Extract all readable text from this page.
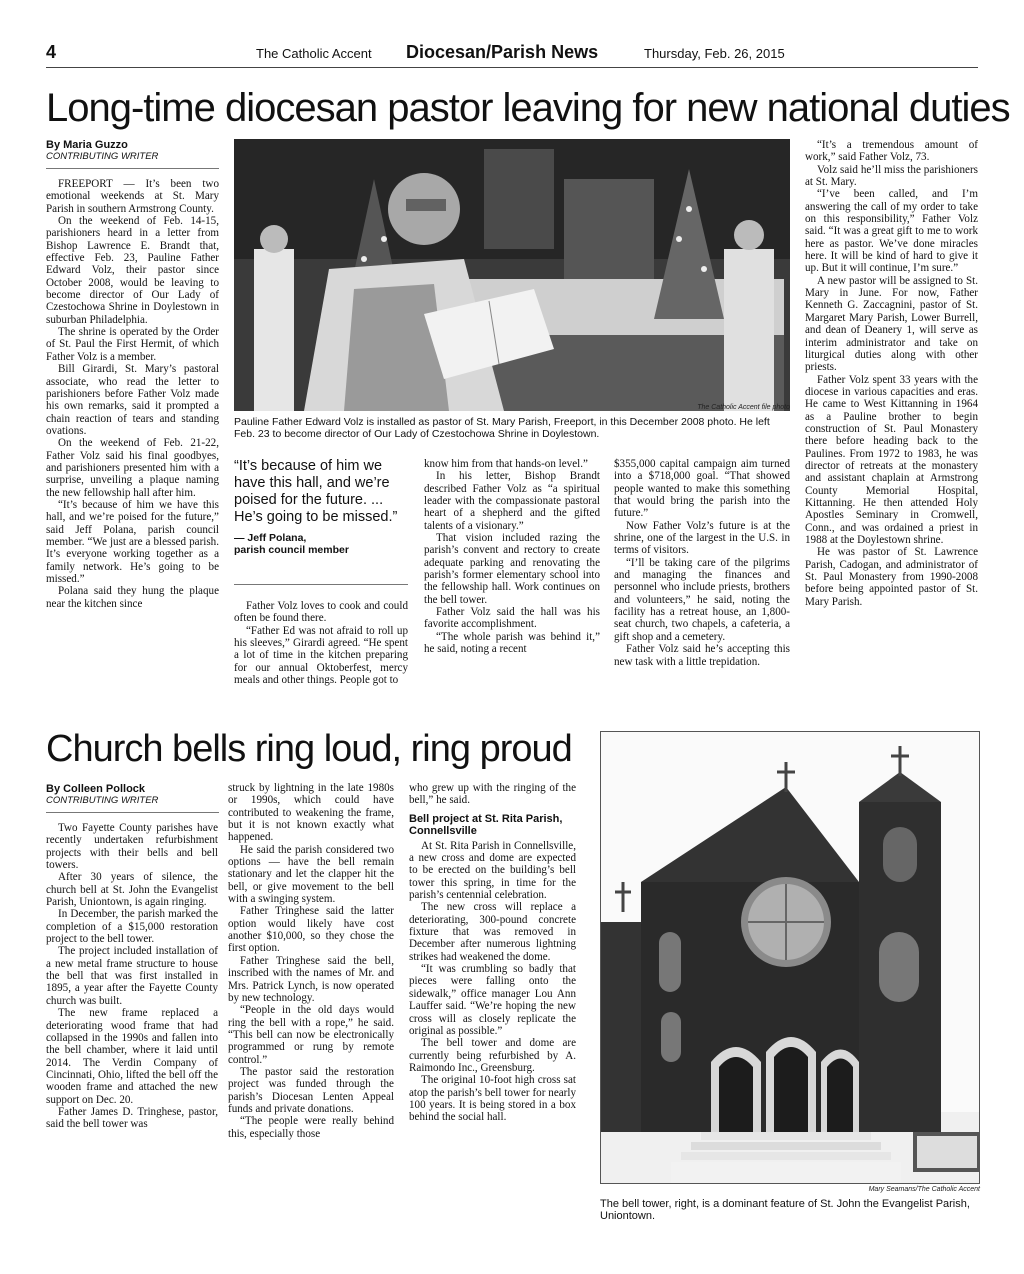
4	The Catholic Accent Diocesan/Parish News	Thursday, Feb. 26, 2015
Long-time diocesan pastor leaving for new national duties
By Maria Guzzo
CONTRIBUTING WRITER

FREEPORT — It’s been two emotional weekends at St. Mary Parish in southern Armstrong County.

On the weekend of Feb. 14-15, parishioners heard in a letter from Bishop Lawrence E. Brandt that, effective Feb. 23, Pauline Father Edward Volz, their pastor since October 2008, would be leaving to become director of Our Lady of Czestochowa Shrine in Doylestown in suburban Philadelphia.

The shrine is operated by the Order of St. Paul the First Hermit, of which Father Volz is a member.

Bill Girardi, St. Mary’s pastoral associate, who read the letter to parishioners before Father Volz made his own remarks, said it prompted a chain reaction of tears and standing ovations.

On the weekend of Feb. 21-22, Father Volz said his final goodbyes, and parishioners presented him with a surprise, unveiling a plaque naming the new fellowship hall after him.

“It’s because of him we have this hall, and we’re poised for the future,” said Jeff Polana, parish council member. “We just are a blessed parish. It’s everyone working together as a family network. He’s going to be missed.”

Polana said they hung the plaque near the kitchen since

The Catholic Accent file photo
Pauline Father Edward Volz is installed as pastor of St. Mary Parish, Freeport, in this December 2008 photo. He left Feb. 23 to become director of Our Lady of Czestochowa Shrine in Doylestown.
“It’s because of him we have this hall, and we’re poised for the future. ... He’s going to be missed.”
— Jeff Polana,
parish council member

Father Volz loves to cook and could often be found there.

“Father Ed was not afraid to roll up his sleeves,” Girardi agreed. “He spent a lot of time in the kitchen preparing for our annual Oktoberfest, mercy meals and other things. People got to

know him from that hands-on level.”

In his letter, Bishop Brandt described Father Volz as “a spiritual leader with the compassionate pastoral heart of a shepherd and the gifted talents of a visionary.”

That vision included razing the parish’s convent and rectory to create adequate parking and renovating the parish’s former elementary school into the fellowship hall. Work continues on the bell tower.

Father Volz said the hall was his favorite accomplishment.

“The whole parish was behind it,” he said, noting a recent

$355,000 capital campaign aim turned into a $718,000 goal. “That showed people wanted to make this something that would bring the parish into the future.”

Now Father Volz’s future is at the shrine, one of the largest in the U.S. in terms of visitors.

“I’ll be taking care of the pilgrims and managing the finances and personnel who include priests, brothers and volunteers,” he said, noting the facility has a retreat house, an 1,800-seat church, two chapels, a cafeteria, a gift shop and a cemetery.

Father Volz said he’s accepting this new task with a little trepidation.

“It’s a tremendous amount of work,” said Father Volz, 73.

Volz said he’ll miss the parishioners at St. Mary.

“I’ve been called, and I’m answering the call of my order to take on this responsibility,” Father Volz said. “It was a great gift to me to work here as pastor. We’ve done miracles here. It will be kind of hard to give it up. But it will continue, I’m sure.”

A new pastor will be assigned to St. Mary in June. For now, Father Kenneth G. Zaccagnini, pastor of St. Margaret Mary Parish, Lower Burrell, and dean of Deanery 1, will serve as interim administrator and take on liturgical duties along with other priests.

Father Volz spent 33 years with the diocese in various capacities and eras. He came to West Kittanning in 1964 as a Pauline brother to begin construction of St. Paul Monastery there before heading back to the Paulines. From 1972 to 1983, he was director of retreats at the monastery and assistant chaplain at Armstrong County Memorial Hospital, Kittanning. He then attended Holy Apostles Seminary in Cromwell, Conn., and was ordained a priest in 1988 at the Doylestown shrine.

He was pastor of St. Lawrence Parish, Cadogan, and administrator of St. Paul Monastery from 1990-2008 before being appointed pastor of St. Mary Parish.

Church bells ring loud, ring proud
By Colleen Pollock
CONTRIBUTING WRITER

Two Fayette County parishes have recently undertaken refurbishment projects with their bells and bell towers.

After 30 years of silence, the church bell at St. John the Evangelist Parish, Uniontown, is again ringing.

In December, the parish marked the completion of a $15,000 restoration project to the bell tower.

The project included installation of a new metal frame structure to house the bell that was first installed in 1895, a year after the Fayette County church was built.

The new frame replaced a deteriorating wood frame that had collapsed in the 1990s and fallen into the bell chamber, where it laid until 2014. The Verdin Company of Cincinnati, Ohio, lifted the bell off the wooden frame and attached the new support on Dec. 20.

Father James D. Tringhese, pastor, said the bell tower was

struck by lightning in the late 1980s or 1990s, which could have contributed to weakening the frame, but it is not known exactly what happened.

He said the parish considered two options — have the bell remain stationary and let the clapper hit the bell, or give movement to the bell with a swinging system.

Father Tringhese said the latter option would likely have cost another $10,000, so they chose the first option.

Father Tringhese said the bell, inscribed with the names of Mr. and Mrs. Patrick Lynch, is now operated by new technology.

“People in the old days would ring the bell with a rope,” he said. “This bell can now be electronically programmed or rung by remote control.”

The pastor said the restoration project was funded through the parish’s Diocesan Lenten Appeal funds and private donations.

“The people were really behind this, especially those

who grew up with the ringing of the bell,” he said.

Bell project at St. Rita Parish, Connellsville

At St. Rita Parish in Connellsville, a new cross and dome are expected to be erected on the building’s bell tower this spring, in time for the parish’s centennial celebration.

The new cross will replace a deteriorating, 300-pound concrete fixture that was removed in December after numerous lightning strikes had weakened the dome.

“It was crumbling so badly that pieces were falling onto the sidewalk,” office manager Lou Ann Lauffer said. “We’re hoping the new cross will as closely replicate the original as possible.”

The bell tower and dome are currently being refurbished by A. Raimondo Inc., Greensburg.

The original 10-foot high cross sat atop the parish’s bell tower for nearly 100 years. It is being stored in a box behind the social hall.

Mary Seamans/The Catholic Accent
The bell tower, right, is a dominant feature of St. John the Evangelist Parish, Uniontown.
